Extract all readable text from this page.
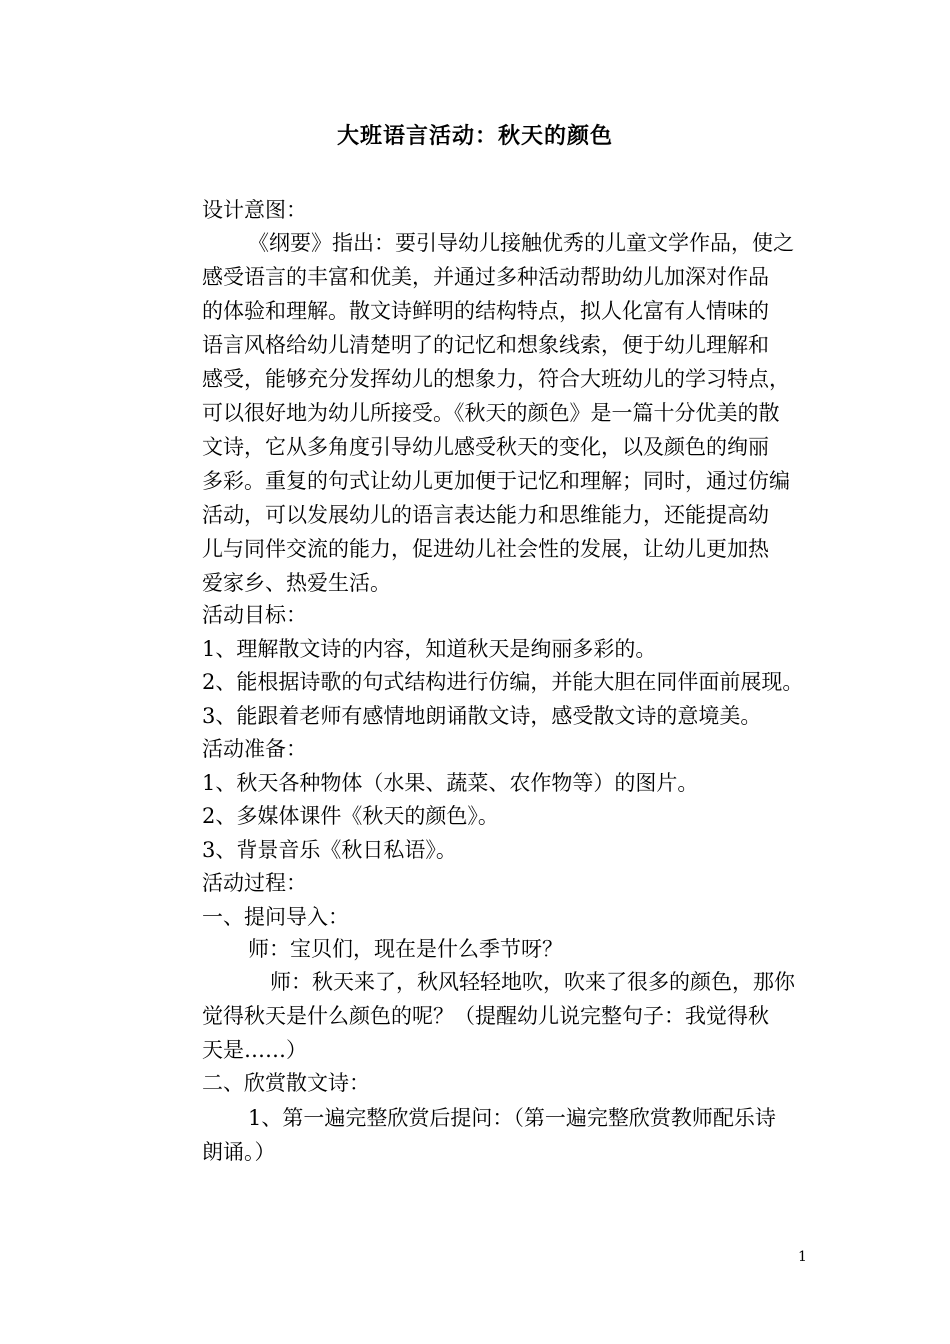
大班语言活动：秋天的颜色
设计意图：
《纲要》指出：要引导幼儿接触优秀的儿童文学作品，使之
感受语言的丰富和优美，并通过多种活动帮助幼儿加深对作品
的体验和理解。散文诗鲜明的结构特点，拟人化富有人情味的
语言风格给幼儿清楚明了的记忆和想象线索，便于幼儿理解和
感受，能够充分发挥幼儿的想象力，符合大班幼儿的学习特点，
可以很好地为幼儿所接受。《秋天的颜色》是一篇十分优美的散
文诗，它从多角度引导幼儿感受秋天的变化，以及颜色的绚丽
多彩。重复的句式让幼儿更加便于记忆和理解；同时，通过仿编
活动，可以发展幼儿的语言表达能力和思维能力，还能提高幼
儿与同伴交流的能力，促进幼儿社会性的发展，让幼儿更加热
爱家乡、热爱生活。
活动目标：
1、理解散文诗的内容，知道秋天是绚丽多彩的。
2、能根据诗歌的句式结构进行仿编，并能大胆在同伴面前展现。
3、能跟着老师有感情地朗诵散文诗，感受散文诗的意境美。
活动准备：
1、秋天各种物体（水果、蔬菜、农作物等）的图片。
2、多媒体课件《秋天的颜色》。
3、背景音乐《秋日私语》。
活动过程：
一、提问导入：
师：宝贝们，现在是什么季节呀？
师：秋天来了，秋风轻轻地吹，吹来了很多的颜色，那你
觉得秋天是什么颜色的呢？（提醒幼儿说完整句子：我觉得秋
天是……）
二、欣赏散文诗：
1、第一遍完整欣赏后提问：（第一遍完整欣赏教师配乐诗
朗诵。）
1
